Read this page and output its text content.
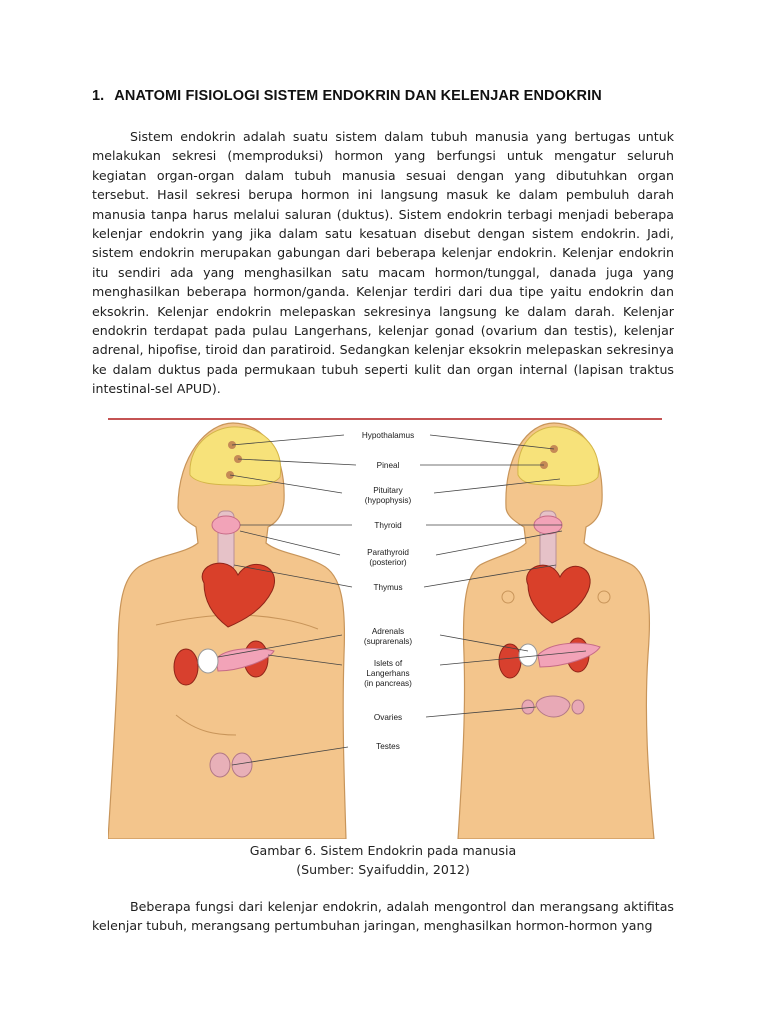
1. ANATOMI FISIOLOGI SISTEM ENDOKRIN DAN KELENJAR ENDOKRIN
Sistem endokrin adalah suatu sistem dalam tubuh manusia yang bertugas untuk melakukan sekresi (memproduksi) hormon yang berfungsi untuk mengatur seluruh kegiatan organ-organ dalam tubuh manusia sesuai dengan yang dibutuhkan organ tersebut. Hasil sekresi berupa hormon ini langsung masuk ke dalam pembuluh darah manusia tanpa harus melalui saluran (duktus). Sistem endokrin terbagi menjadi beberapa kelenjar endokrin yang jika dalam satu kesatuan disebut dengan sistem endokrin. Jadi, sistem endokrin merupakan gabungan dari beberapa kelenjar endokrin. Kelenjar endokrin itu sendiri ada yang menghasilkan satu macam hormon/tunggal, danada juga yang menghasilkan beberapa hormon/ganda. Kelenjar terdiri dari dua tipe yaitu endokrin dan eksokrin. Kelenjar endokrin melepaskan sekresinya langsung ke dalam darah. Kelenjar endokrin terdapat pada pulau Langerhans, kelenjar gonad (ovarium dan testis), kelenjar adrenal, hipofise, tiroid dan paratiroid. Sedangkan kelenjar eksokrin melepaskan sekresinya ke dalam duktus pada permukaan tubuh seperti kulit dan organ internal (lapisan traktus intestinal-sel APUD).
Hypothalamus
Pineal
Pituitary
(hypophysis)
Thyroid
Parathyroid
(posterior)
Thymus
Adrenals
(suprarenals)
Islets of
Langerhans
(in pancreas)
Ovaries
Testes
Gambar 6. Sistem Endokrin pada manusia
(Sumber: Syaifuddin, 2012)
Beberapa fungsi dari kelenjar endokrin, adalah mengontrol dan merangsang aktifitas kelenjar tubuh, merangsang pertumbuhan jaringan, menghasilkan hormon-hormon yang
